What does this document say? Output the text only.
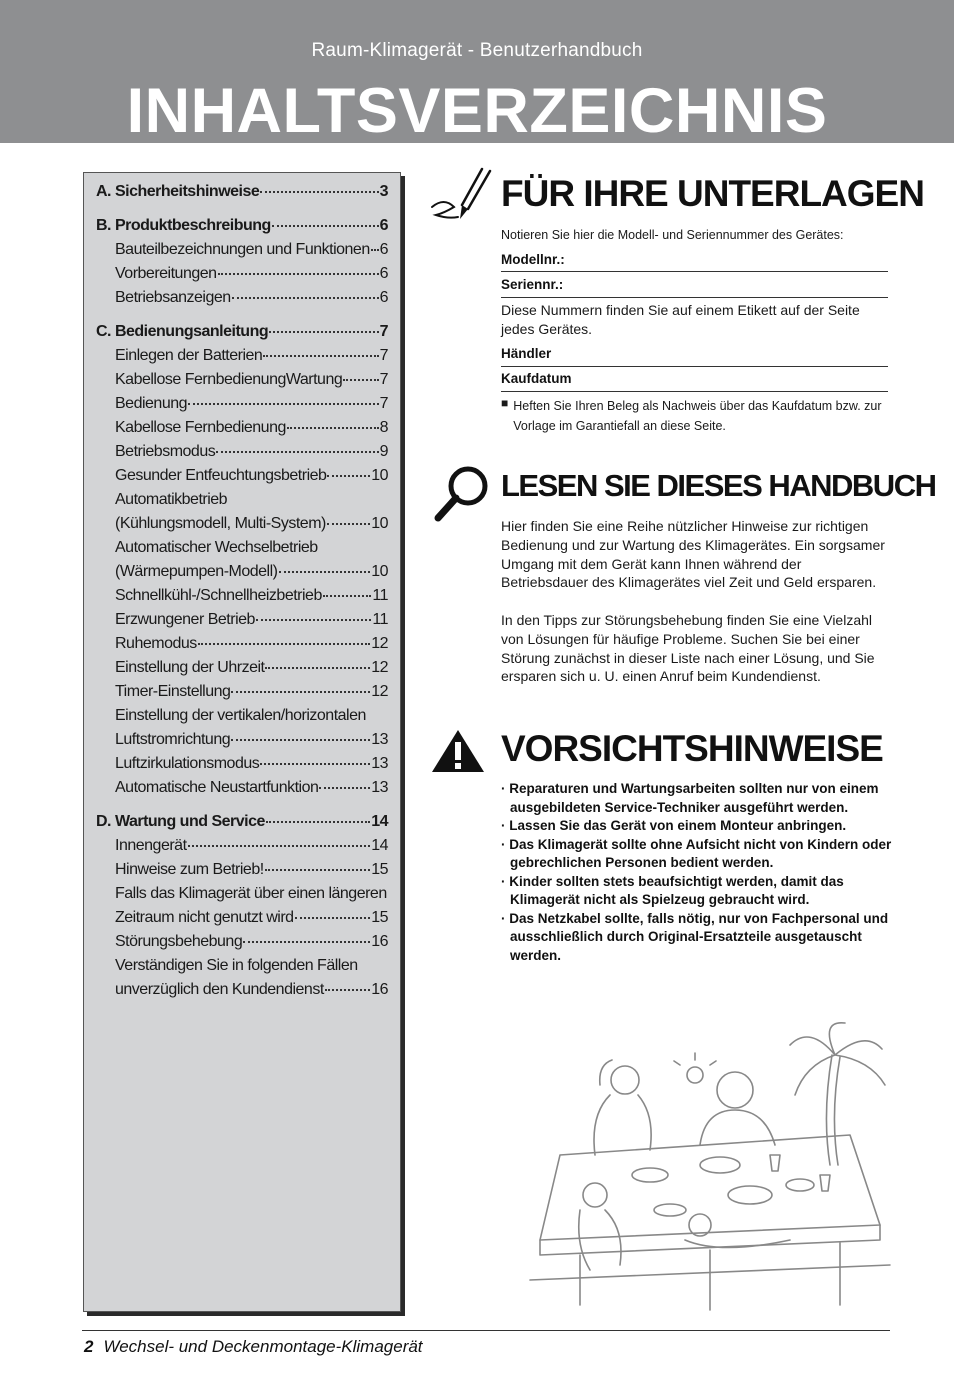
Raum-Klimagerät - Benutzerhandbuch
INHALTSVERZEICHNIS
A. Sicherheitshinweise	3
B. Produktbeschreibung	6
Bauteilbezeichnungen und Funktionen 6
Vorbereitungen	6
Betriebsanzeigen	6
C. Bedienungsanleitung	7
Einlegen der Batterien	7
Kabellose FernbedienungWartung 7
Bedienung	7
Kabellose Fernbedienung	8
Betriebsmodus	9
Gesunder Entfeuchtungsbetrieb	10
Automatikbetrieb
(Kühlungsmodell, Multi-System)	10
Automatischer Wechselbetrieb
(Wärmepumpen-Modell)	10
Schnellkühl-/Schnellheizbetrieb	11
Erzwungener Betrieb	11
Ruhemodus	12
Einstellung der Uhrzeit	12
Timer-Einstellung	12
Einstellung der vertikalen/horizontalen
Luftstromrichtung	13
Luftzirkulationsmodus	13
Automatische Neustartfunktion	13
D. Wartung und Service	14
Innengerät	14
Hinweise zum Betrieb!	15
Falls das Klimagerät über einen längeren
Zeitraum nicht genutzt wird	15
Störungsbehebung	16
Verständigen Sie in folgenden Fällen
unverzüglich den Kundendienst	16
FÜR IHRE UNTERLAGEN
Notieren Sie hier die Modell- und Seriennummer des Gerätes:
Modellnr.:
Seriennr.:
Diese Nummern finden Sie auf einem Etikett auf der Seite jedes Gerätes.
Händler
Kaufdatum
■ Heften Sie Ihren Beleg als Nachweis über das Kaufdatum bzw. zur Vorlage im Garantiefall an diese Seite.
LESEN SIE DIESES HANDBUCH
Hier finden Sie eine Reihe nützlicher Hinweise zur richtigen Bedienung und zur Wartung des Klimagerätes. Ein sorgsamer Umgang mit dem Gerät kann Ihnen während der Betriebsdauer des Klimagerätes viel Zeit und Geld ersparen.
In den Tipps zur Störungsbehebung finden Sie eine Vielzahl von Lösungen für häufige Probleme. Suchen Sie bei einer Störung zunächst in dieser Liste nach einer Lösung, und Sie ersparen sich u. U. einen Anruf beim Kundendienst.
VORSICHTSHINWEISE
· Reparaturen und Wartungsarbeiten sollten nur von einem ausgebildeten Service-Techniker ausgeführt werden.
· Lassen Sie das Gerät von einem Monteur anbringen.
· Das Klimagerät sollte ohne Aufsicht nicht von Kindern oder gebrechlichen Personen bedient werden.
· Kinder sollten stets beaufsichtigt werden, damit das Klimagerät nicht als Spielzeug gebraucht wird.
· Das Netzkabel sollte, falls nötig, nur von Fachpersonal und ausschließlich durch Original-Ersatzteile ausgetauscht werden.
2 Wechsel- und Deckenmontage-Klimagerät
